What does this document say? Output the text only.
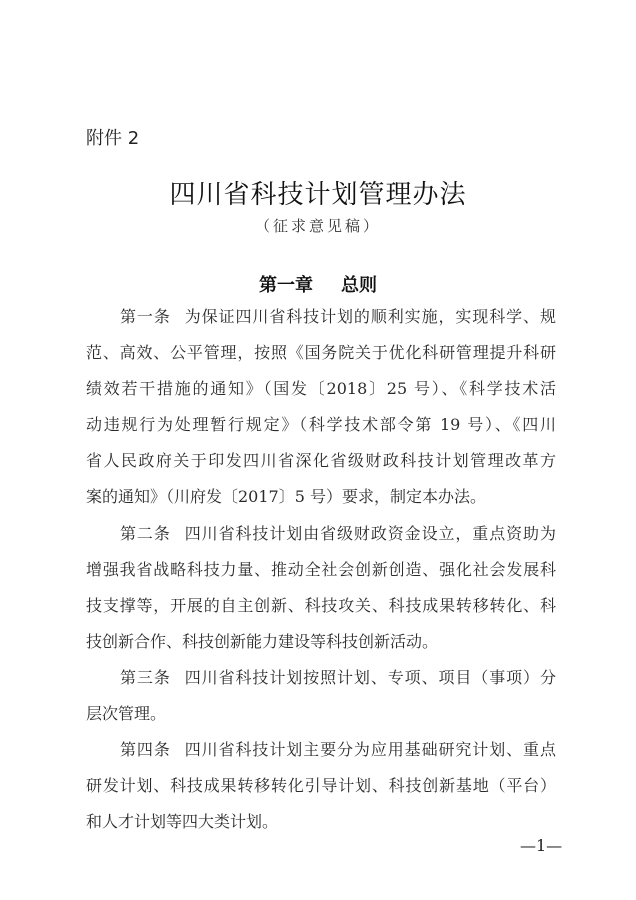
附件 2
四川省科技计划管理办法
（征求意见稿）
第一章 总则
第一条 为保证四川省科技计划的顺利实施，实现科学、规
范、高效、公平管理，按照《国务院关于优化科研管理提升科研
绩效若干措施的通知》（国发〔2018〕25 号）、《科学技术活
动违规行为处理暂行规定》（科学技术部令第 19 号）、《四川
省人民政府关于印发四川省深化省级财政科技计划管理改革方
案的通知》（川府发〔2017〕5 号）要求，制定本办法。
第二条 四川省科技计划由省级财政资金设立，重点资助为
增强我省战略科技力量、推动全社会创新创造、强化社会发展科
技支撑等，开展的自主创新、科技攻关、科技成果转移转化、科
技创新合作、科技创新能力建设等科技创新活动。
第三条 四川省科技计划按照计划、专项、项目（事项）分
层次管理。
第四条 四川省科技计划主要分为应用基础研究计划、重点
研发计划、科技成果转移转化引导计划、科技创新基地（平台）
和人才计划等四大类计划。
—1—
